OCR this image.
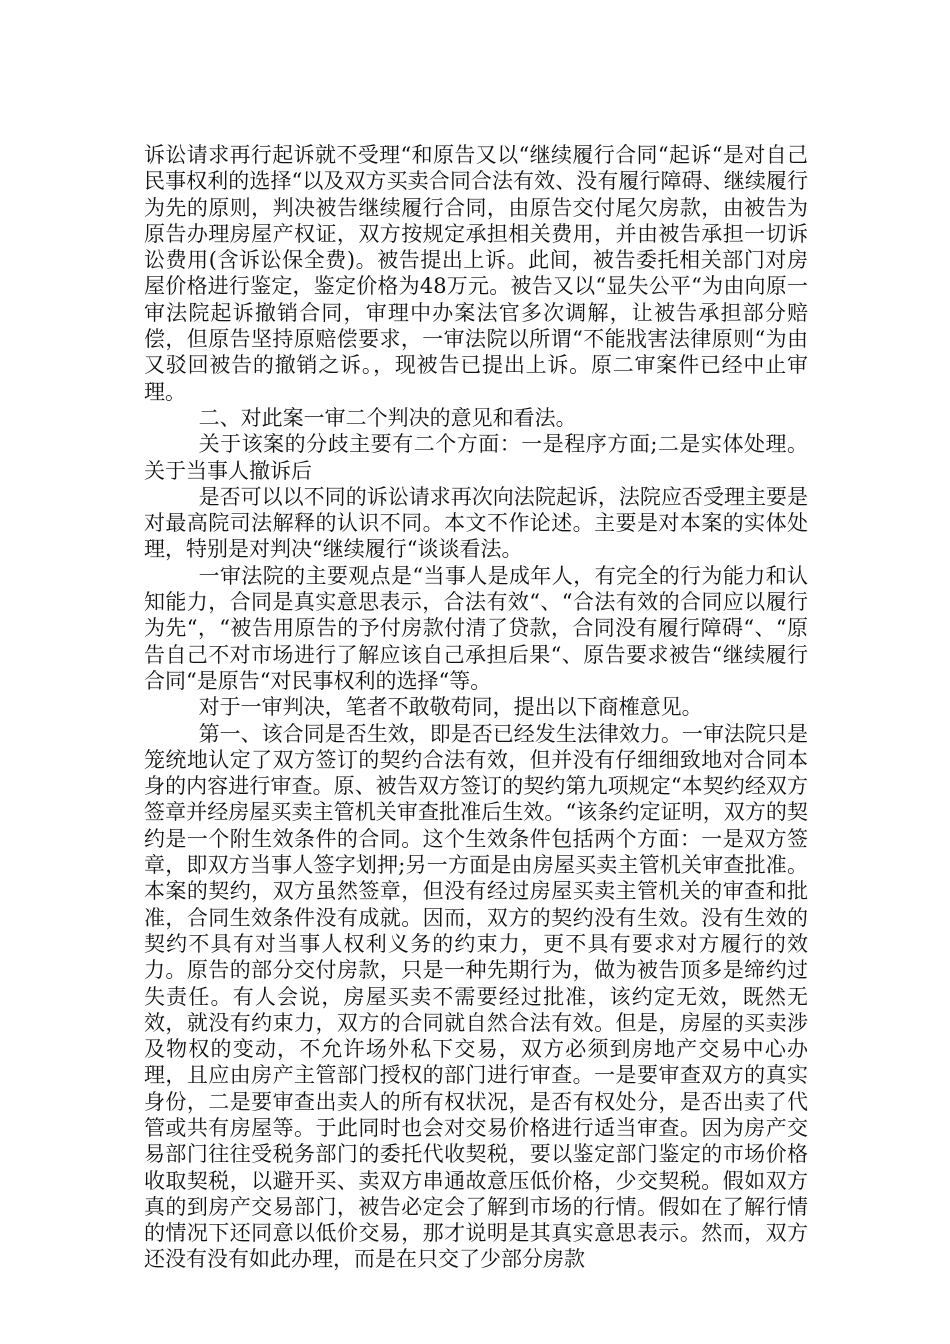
诉讼请求再行起诉就不受理“和原告又以“继续履行合同“起诉“是对自己民事权利的选择“以及双方买卖合同合法有效、没有履行障碍、继续履行为先的原则，判决被告继续履行合同，由原告交付尾欠房款，由被告为原告办理房屋产权证，双方按规定承担相关费用，并由被告承担一切诉讼费用(含诉讼保全费)。被告提出上诉。此间，被告委托相关部门对房屋价格进行鉴定，鉴定价格为48万元。被告又以“显失公平“为由向原一审法院起诉撤销合同，审理中办案法官多次调解，让被告承担部分赔偿，但原告坚持原赔偿要求，一审法院以所谓“不能戕害法律原则“为由又驳回被告的撤销之诉。，现被告已提出上诉。原二审案件已经中止审理。

二、对此案一审二个判决的意见和看法。

关于该案的分歧主要有二个方面：一是程序方面;二是实体处理。关于当事人撤诉后

是否可以以不同的诉讼请求再次向法院起诉，法院应否受理主要是对最高院司法解释的认识不同。本文不作论述。主要是对本案的实体处理，特别是对判决“继续履行“谈谈看法。

一审法院的主要观点是“当事人是成年人，有完全的行为能力和认知能力，合同是真实意思表示，合法有效“、“合法有效的合同应以履行为先“，“被告用原告的予付房款付清了贷款，合同没有履行障碍“、“原告自己不对市场进行了解应该自己承担后果“、原告要求被告“继续履行合同“是原告“对民事权利的选择“等。

对于一审判决，笔者不敢敬苟同，提出以下商榷意见。

第一、该合同是否生效，即是否已经发生法律效力。一审法院只是笼统地认定了双方签订的契约合法有效，但并没有仔细细致地对合同本身的内容进行审查。原、被告双方签订的契约第九项规定“本契约经双方签章并经房屋买卖主管机关审查批准后生效。“该条约定证明，双方的契约是一个附生效条件的合同。这个生效条件包括两个方面：一是双方签章，即双方当事人签字划押;另一方面是由房屋买卖主管机关审查批准。本案的契约，双方虽然签章，但没有经过房屋买卖主管机关的审查和批准，合同生效条件没有成就。因而，双方的契约没有生效。没有生效的契约不具有对当事人权利义务的约束力，更不具有要求对方履行的效力。原告的部分交付房款，只是一种先期行为，做为被告顶多是缔约过失责任。有人会说，房屋买卖不需要经过批准，该约定无效，既然无效，就没有约束力，双方的合同就自然合法有效。但是，房屋的买卖涉及物权的变动，不允许场外私下交易，双方必须到房地产交易中心办理，且应由房产主管部门授权的部门进行审查。一是要审查双方的真实身份，二是要审查出卖人的所有权状况，是否有权处分，是否出卖了代管或共有房屋等。于此同时也会对交易价格进行适当审查。因为房产交易部门往往受税务部门的委托代收契税，要以鉴定部门鉴定的市场价格收取契税，以避开买、卖双方串通故意压低价格，少交契税。假如双方真的到房产交易部门，被告必定会了解到市场的行情。假如在了解行情的情况下还同意以低价交易，那才说明是其真实意思表示。然而，双方还没有没有如此办理，而是在只交了少部分房款
